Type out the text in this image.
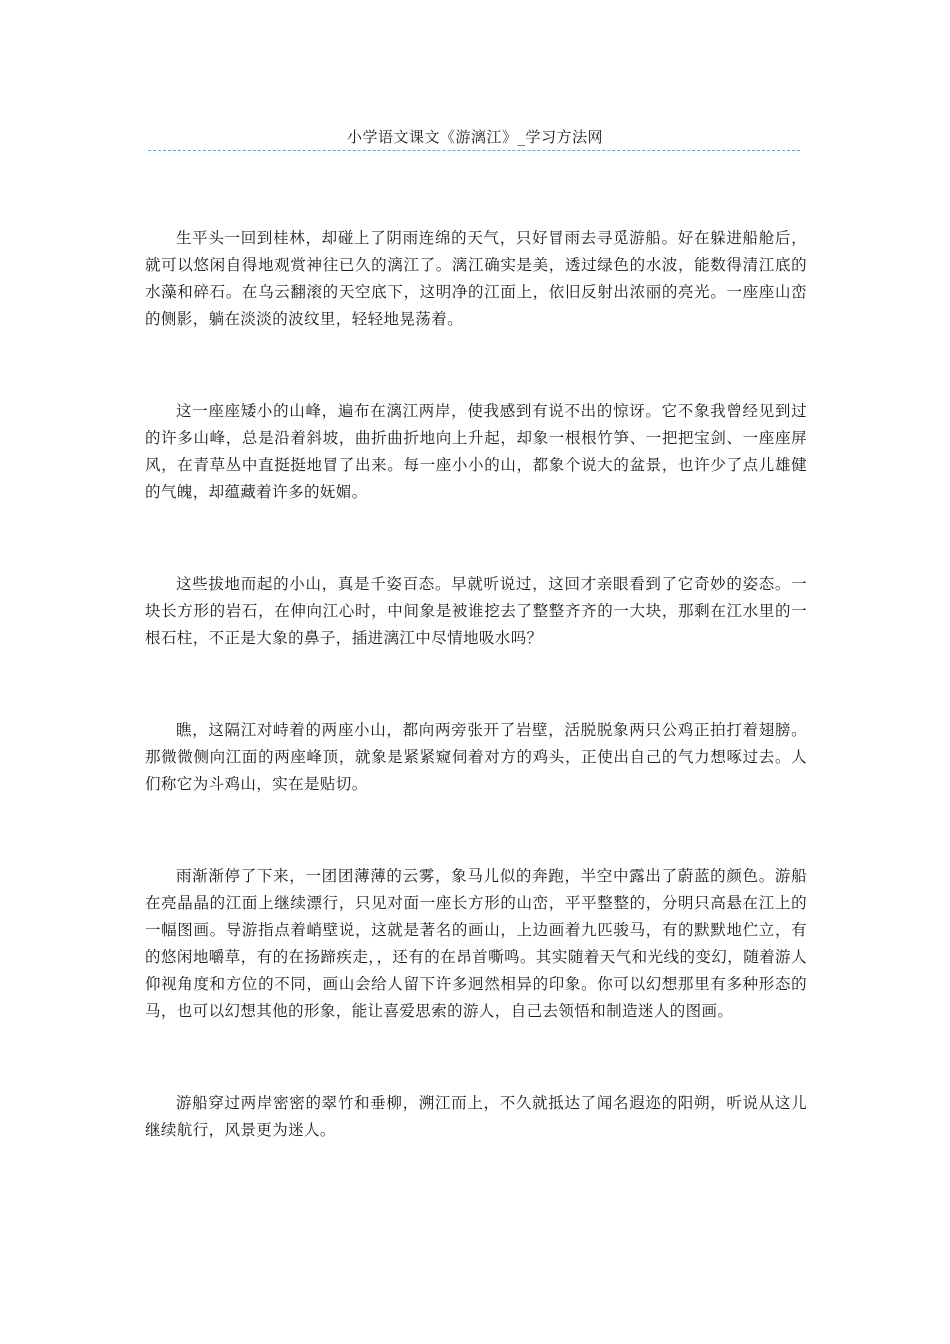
小学语文课文《游漓江》_学习方法网

生平头一回到桂林，却碰上了阴雨连绵的天气，只好冒雨去寻觅游船。好在躲进船舱后，就可以悠闲自得地观赏神往已久的漓江了。漓江确实是美，透过绿色的水波，能数得清江底的水藻和碎石。在乌云翻滚的天空底下，这明净的江面上，依旧反射出浓丽的亮光。一座座山峦的侧影，躺在淡淡的波纹里，轻轻地晃荡着。

这一座座矮小的山峰，遍布在漓江两岸，使我感到有说不出的惊讶。它不象我曾经见到过的许多山峰，总是沿着斜坡，曲折曲折地向上升起，却象一根根竹笋、一把把宝剑、一座座屏风，在青草丛中直挺挺地冒了出来。每一座小小的山，都象个说大的盆景，也许少了点儿雄健的气魄，却蕴藏着许多的妩媚。

这些拔地而起的小山，真是千姿百态。早就听说过，这回才亲眼看到了它奇妙的姿态。一块长方形的岩石，在伸向江心时，中间象是被谁挖去了整整齐齐的一大块，那剩在江水里的一根石柱，不正是大象的鼻子，插进漓江中尽情地吸水吗？

瞧，这隔江对峙着的两座小山，都向两旁张开了岩壁，活脱脱象两只公鸡正拍打着翅膀。那微微侧向江面的两座峰顶，就象是紧紧窥伺着对方的鸡头，正使出自己的气力想啄过去。人们称它为斗鸡山，实在是贴切。

雨渐渐停了下来，一团团薄薄的云雾，象马儿似的奔跑，半空中露出了蔚蓝的颜色。游船在亮晶晶的江面上继续漂行，只见对面一座长方形的山峦，平平整整的，分明只高悬在江上的一幅图画。导游指点着峭壁说，这就是著名的画山，上边画着九匹骏马，有的默默地伫立，有的悠闲地嚼草，有的在扬蹄疾走，，还有的在昂首嘶鸣。其实随着天气和光线的变幻，随着游人仰视角度和方位的不同，画山会给人留下许多迥然相异的印象。你可以幻想那里有多种形态的马，也可以幻想其他的形象，能让喜爱思索的游人，自己去领悟和制造迷人的图画。

游船穿过两岸密密的翠竹和垂柳，溯江而上，不久就抵达了闻名遐迩的阳朔，听说从这儿继续航行，风景更为迷人。
